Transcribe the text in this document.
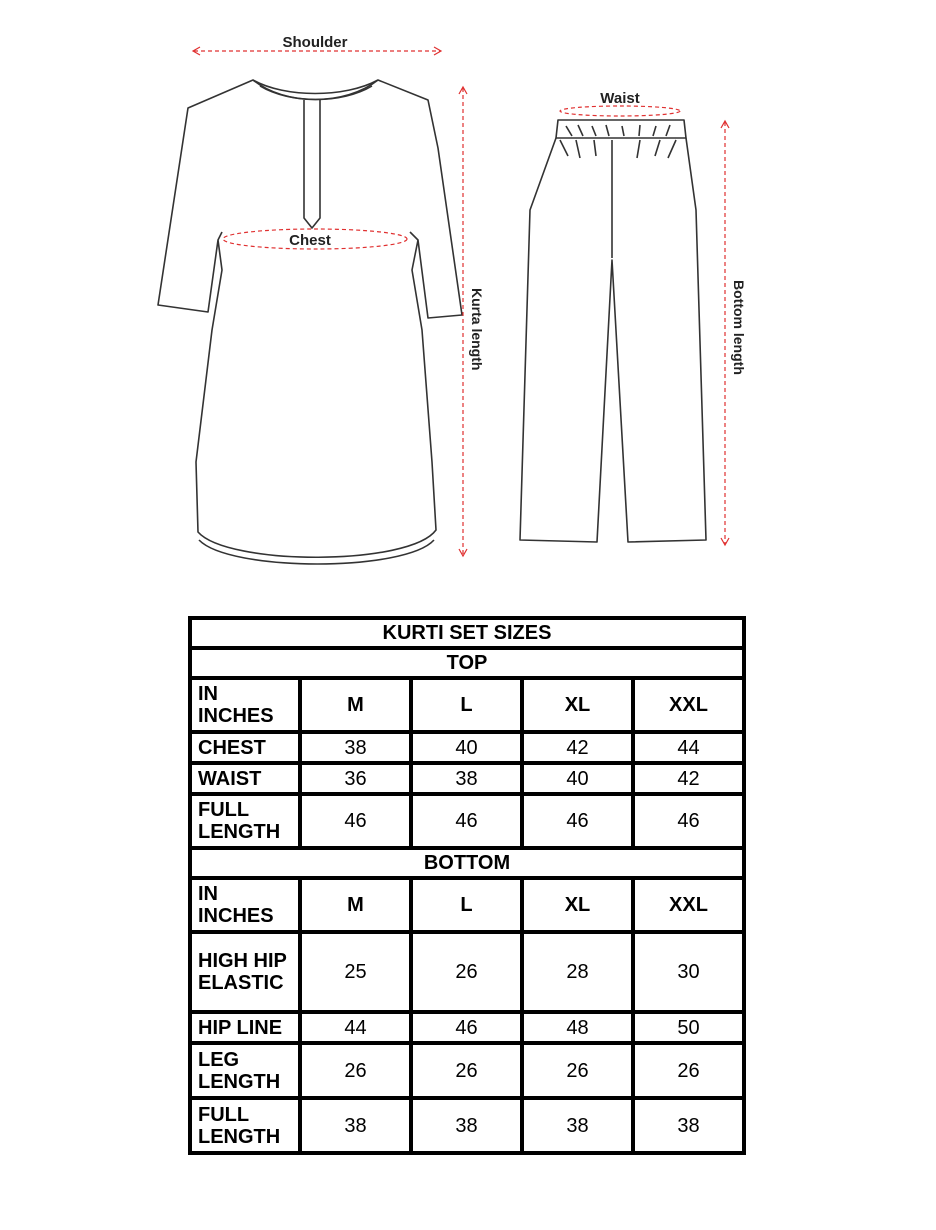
Shoulder
Chest
Waist
Kurta length	Bottom length
KURTI SET SIZES				
TOP				
IN INCHES	M	L	XL	XXL
CHEST	38	40	42	44
WAIST	36	38	40	42
FULL LENGTH	46	46	46	46
BOTTOM				
IN INCHES	M	L	XL	XXL
HIGH HIP ELASTIC	25	26	28	30
HIP LINE	44	46	48	50
LEG LENGTH	26	26	26	26
FULL LENGTH	38	38	38	38
